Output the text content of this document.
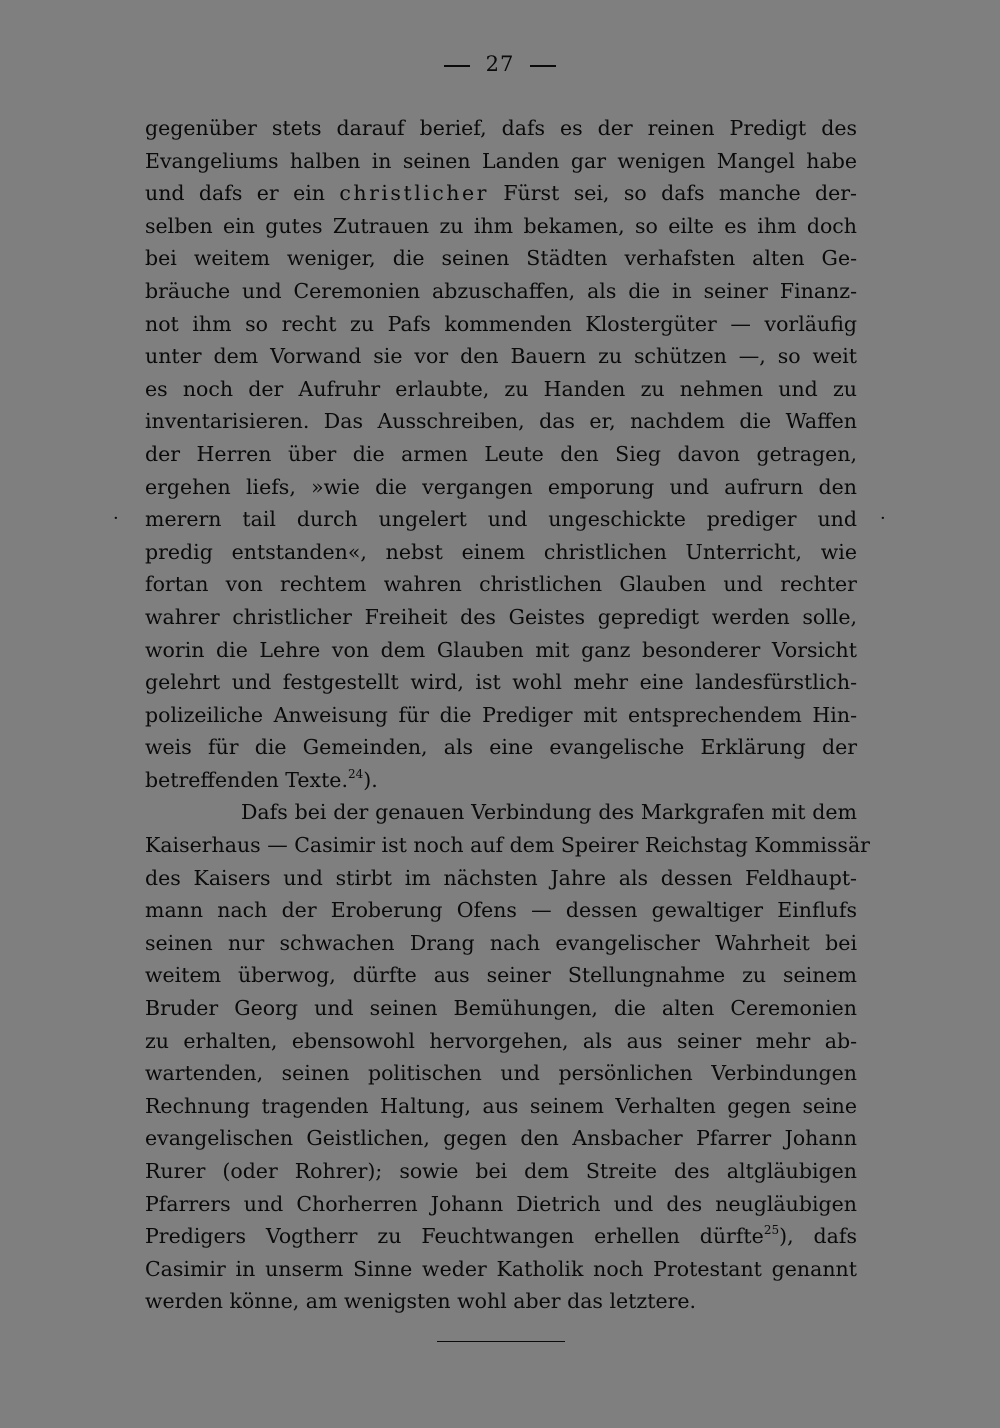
27
gegenüber stets darauf berief, dafs es der reinen Predigt des
Evangeliums halben in seinen Landen gar wenigen Mangel habe
und dafs er ein christlicher Fürst sei, so dafs manche der-
selben ein gutes Zutrauen zu ihm bekamen, so eilte es ihm doch
bei weitem weniger, die seinen Städten verhafsten alten Ge-
bräuche und Ceremonien abzuschaffen, als die in seiner Finanz-
not ihm so recht zu Pafs kommenden Klostergüter — vorläufig
unter dem Vorwand sie vor den Bauern zu schützen —, so weit
es noch der Aufruhr erlaubte, zu Handen zu nehmen und zu
inventarisieren. Das Ausschreiben, das er, nachdem die Waffen
der Herren über die armen Leute den Sieg davon getragen,
ergehen liefs, »wie die vergangen emporung und aufrurn den
merern tail durch ungelert und ungeschickte prediger und
predig entstanden«, nebst einem christlichen Unterricht, wie
fortan von rechtem wahren christlichen Glauben und rechter
wahrer christlicher Freiheit des Geistes gepredigt werden solle,
worin die Lehre von dem Glauben mit ganz besonderer Vorsicht
gelehrt und festgestellt wird, ist wohl mehr eine landesfürstlich-
polizeiliche Anweisung für die Prediger mit entsprechendem Hin-
weis für die Gemeinden, als eine evangelische Erklärung der
betreffenden Texte.$^{24}$).
Dafs bei der genauen Verbindung des Markgrafen mit dem
Kaiserhaus — Casimir ist noch auf dem Speirer Reichstag Kommissär
des Kaisers und stirbt im nächsten Jahre als dessen Feldhaupt-
mann nach der Eroberung Ofens — dessen gewaltiger Einflufs
seinen nur schwachen Drang nach evangelischer Wahrheit bei
weitem überwog, dürfte aus seiner Stellungnahme zu seinem
Bruder Georg und seinen Bemühungen, die alten Ceremonien
zu erhalten, ebensowohl hervorgehen, als aus seiner mehr ab-
wartenden, seinen politischen und persönlichen Verbindungen
Rechnung tragenden Haltung, aus seinem Verhalten gegen seine
evangelischen Geistlichen, gegen den Ansbacher Pfarrer Johann
Rurer (oder Rohrer); sowie bei dem Streite des altgläubigen
Pfarrers und Chorherren Johann Dietrich und des neugläubigen
Predigers Vogtherr zu Feuchtwangen erhellen dürfte$^{25}$), dafs
Casimir in unserm Sinne weder Katholik noch Protestant genannt
werden könne, am wenigsten wohl aber das letztere.
·	·
